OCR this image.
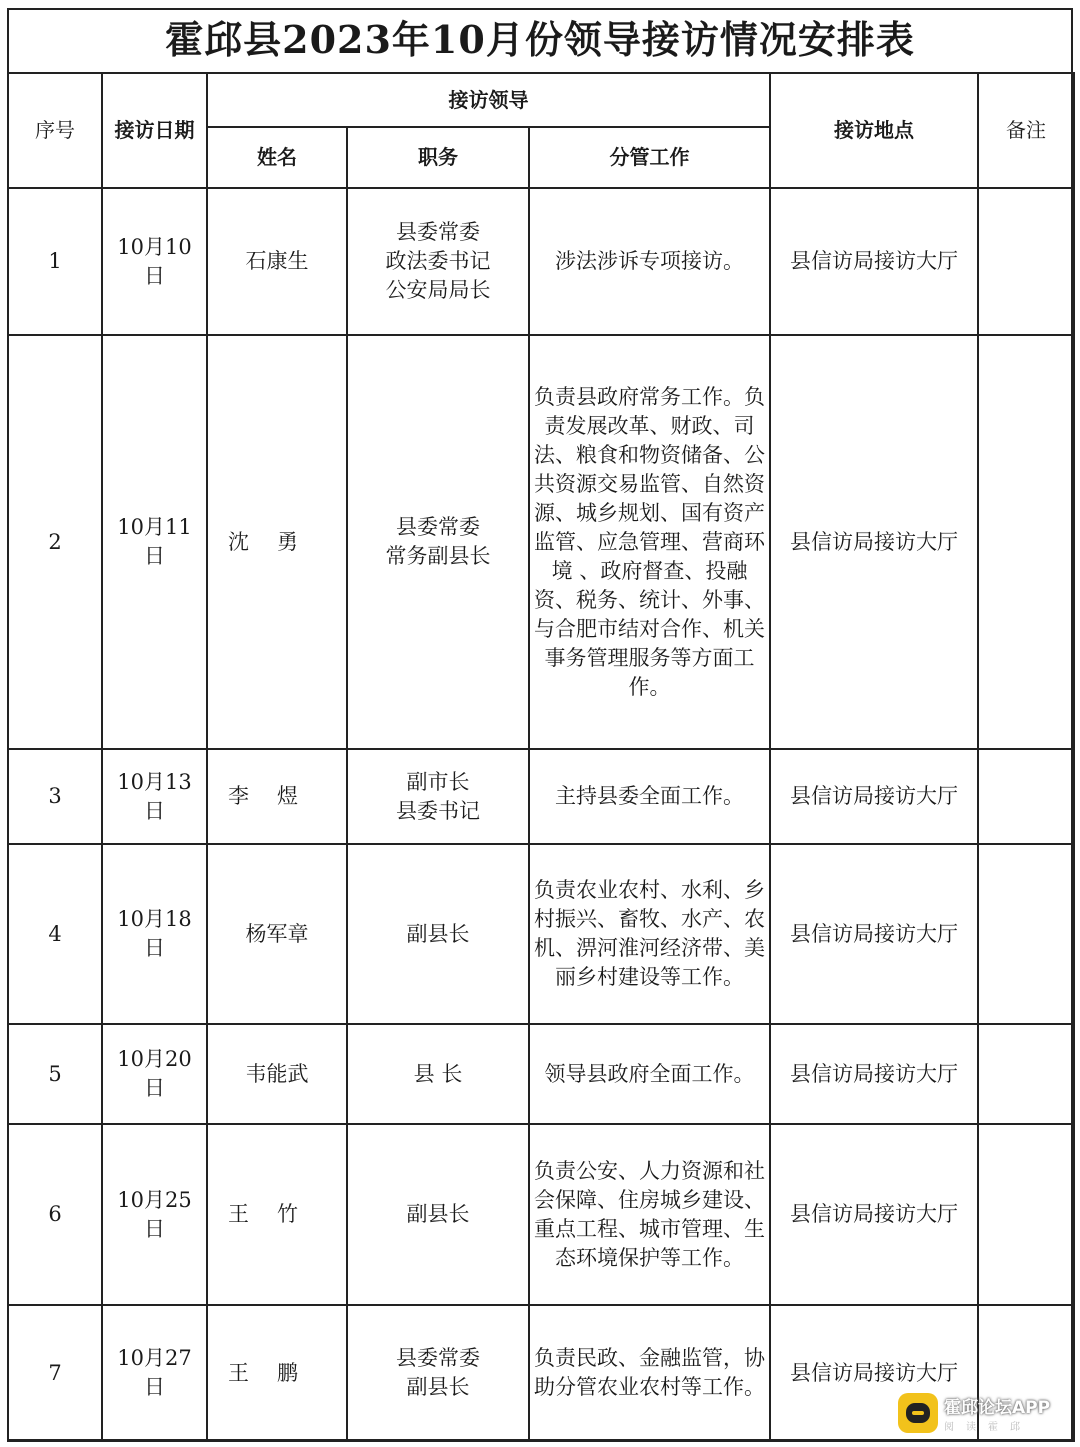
霍邱县2023年10月份领导接访情况安排表
序号	接访日期	接访领导			接访地点	备注
		姓名	职务	分管工作		
1	10月10日	石康生	县委常委
政法委书记
公安局局长	涉法涉诉专项接访。	县信访局接访大厅	
2	10月11日	沈勇	县委常委
常务副县长	负责县政府常务工作。负责发展改革、财政、司法、粮食和物资储备、公共资源交易监管、自然资源、城乡规划、国有资产监管、应急管理、营商环境 、政府督查、投融资、税务、统计、外事、与合肥市结对合作、机关事务管理服务等方面工作。	县信访局接访大厅	
3	10月13日	李煜	副市长
县委书记	主持县委全面工作。	县信访局接访大厅	
4	10月18日	杨军章	副县长	负责农业农村、水利、乡村振兴、畜牧、水产、农机、淠河淮河经济带、美丽乡村建设等工作。	县信访局接访大厅	
5	10月20日	韦能武	县 长	领导县政府全面工作。	县信访局接访大厅	
6	10月25日	王竹	副县长	负责公安、人力资源和社会保障、住房城乡建设、重点工程、城市管理、生态环境保护等工作。	县信访局接访大厅	
7	10月27日	王鹏	县委常委
副县长	负责民政、金融监管，协助分管农业农村等工作。	县信访局接访大厅	
霍邱论坛APP
阅读霍邱
